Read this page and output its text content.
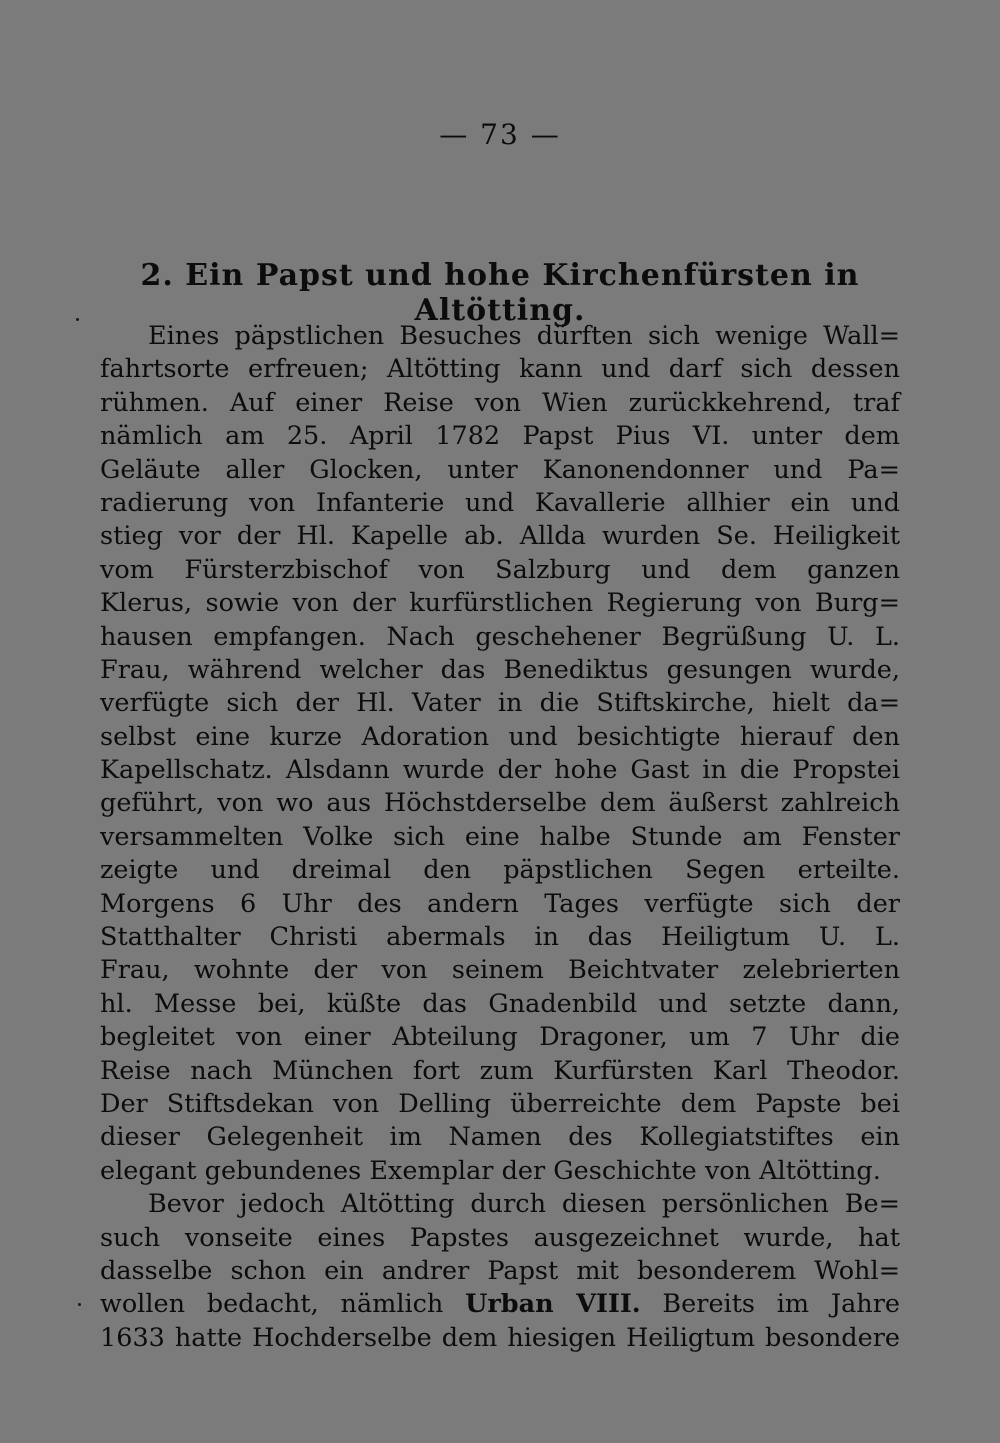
— 73 —
2. Ein Papst und hohe Kirchenfürsten in Altötting.
Eines päpstlichen Besuches dürften sich wenige Wall=
fahrtsorte erfreuen; Altötting kann und darf sich dessen
rühmen. Auf einer Reise von Wien zurückkehrend, traf
nämlich am 25. April 1782 Papst Pius VI. unter dem
Geläute aller Glocken, unter Kanonendonner und Pa=
radierung von Infanterie und Kavallerie allhier ein und
stieg vor der Hl. Kapelle ab. Allda wurden Se. Heiligkeit
vom Fürsterzbischof von Salzburg und dem ganzen
Klerus, sowie von der kurfürstlichen Regierung von Burg=
hausen empfangen. Nach geschehener Begrüßung U. L.
Frau, während welcher das Benediktus gesungen wurde,
verfügte sich der Hl. Vater in die Stiftskirche, hielt da=
selbst eine kurze Adoration und besichtigte hierauf den
Kapellschatz. Alsdann wurde der hohe Gast in die Propstei
geführt, von wo aus Höchstderselbe dem äußerst zahlreich
versammelten Volke sich eine halbe Stunde am Fenster
zeigte und dreimal den päpstlichen Segen erteilte.
Morgens 6 Uhr des andern Tages verfügte sich der
Statthalter Christi abermals in das Heiligtum U. L.
Frau, wohnte der von seinem Beichtvater zelebrierten
hl. Messe bei, küßte das Gnadenbild und setzte dann,
begleitet von einer Abteilung Dragoner, um 7 Uhr die
Reise nach München fort zum Kurfürsten Karl Theodor.
Der Stiftsdekan von Delling überreichte dem Papste bei
dieser Gelegenheit im Namen des Kollegiatstiftes ein
elegant gebundenes Exemplar der Geschichte von Altötting.
Bevor jedoch Altötting durch diesen persönlichen Be=
such vonseite eines Papstes ausgezeichnet wurde, hat
dasselbe schon ein andrer Papst mit besonderem Wohl=
wollen bedacht, nämlich Urban VIII. Bereits im Jahre
1633 hatte Hochderselbe dem hiesigen Heiligtum besondere
